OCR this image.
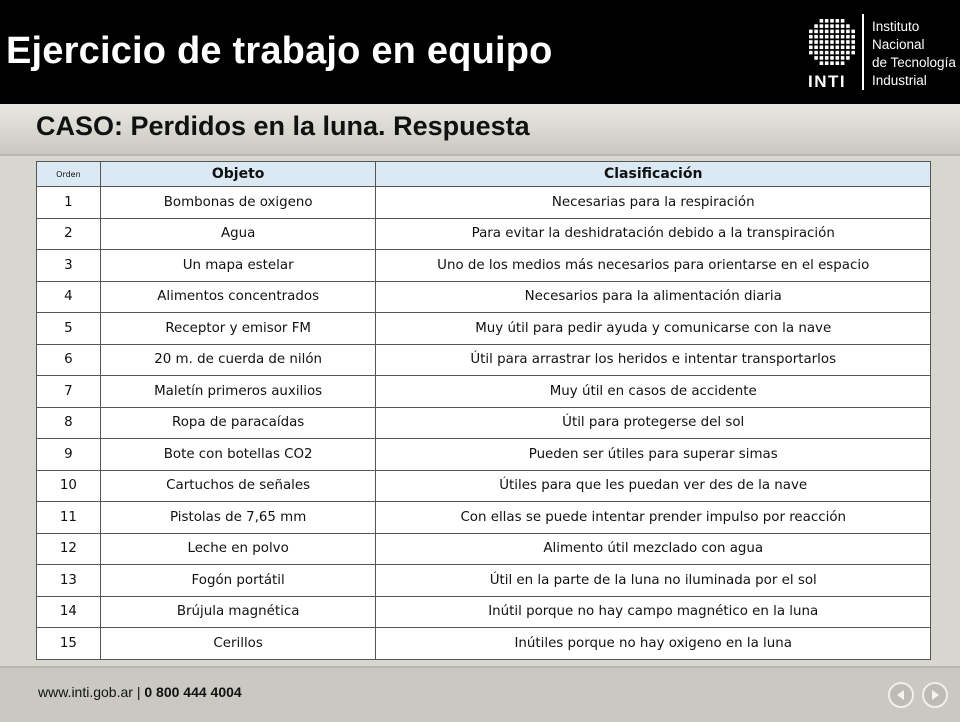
Ejercicio de trabajo en equipo
INTI
Instituto
Nacional
de Tecnología
Industrial
CASO: Perdidos en la luna. Respuesta
Orden	Objeto	Clasificación
1	Bombonas de oxigeno	Necesarias para la respiración
2	Agua	Para evitar la deshidratación debido a la transpiración
3	Un mapa estelar	Uno de los medios más necesarios para orientarse en el espacio
4	Alimentos concentrados	Necesarios para la alimentación diaria
5	Receptor y emisor FM	Muy útil para pedir ayuda y comunicarse con la nave
6	20 m. de cuerda de nilón	Útil para arrastrar los heridos e intentar transportarlos
7	Maletín primeros auxilios	Muy útil en casos de accidente
8	Ropa de paracaídas	Útil para protegerse del sol
9	Bote con botellas CO2	Pueden ser útiles para superar simas
10	Cartuchos de señales	Útiles para que les puedan ver des de la nave
11	Pistolas de 7,65 mm	Con ellas se puede intentar prender impulso por reacción
12	Leche en polvo	Alimento útil mezclado con agua
13	Fogón portátil	Útil en la parte de la luna no iluminada por el sol
14	Brújula magnética	Inútil porque no hay campo magnético en la luna
15	Cerillos	Inútiles porque no hay oxigeno en la luna
www.inti.gob.ar | 0 800 444 4004
